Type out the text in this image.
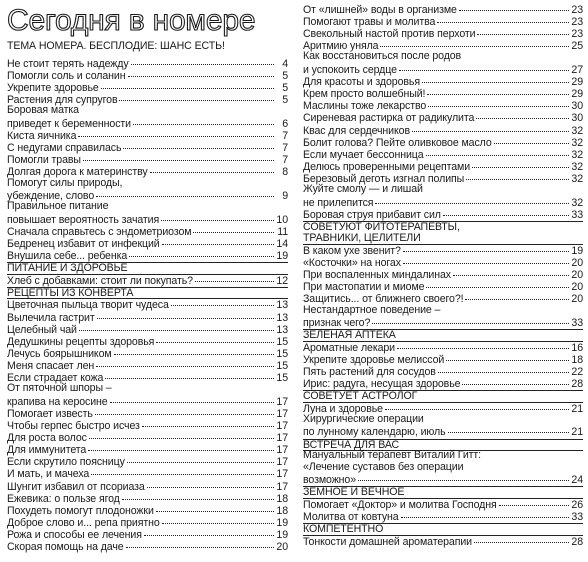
Сегодня в номере
ТЕМА НОМЕРА. БЕСПЛОДИЕ: ШАНС ЕСТЬ!
Не стоит терять надежду	4
Помогли соль и соланин	5
Укрепите здоровье	5
Растения для супругов	5
Боровая матка
приведет к беременности	6
Киста яичника	7
С недугами справилась	7
Помогли травы	7
Долгая дорога к материнству	8
Помогут силы природы,
убеждение, слово	9
Правильное питание
повышает вероятность зачатия	10
Сначала справьтесь с эндометриозом	11
Бедренец избавит от инфекций	14
Внушила себе... ребенка	19
ПИТАНИЕ И ЗДОРОВЬЕ
Хлеб с добавками: стоит ли покупать?	12
РЕЦЕПТЫ ИЗ КОНВЕРТА
Цветочная пыльца творит чудеса	13
Вылечила гастрит	13
Целебный чай	13
Дедушкины рецепты здоровья	15
Лечусь боярышником	15
Меня спасает лен	15
Если страдает кожа	15
От пяточной шпоры –
крапива на керосине	17
Помогает известь	17
Чтобы герпес быстро исчез	17
Для роста волос	17
Для иммунитета	17
Если скрутило поясницу	17
И мать, и мачеха	17
Шунгит избавил от псориаза	17
Ежевика: о пользе ягод	18
Похудеть помогут плодоножки	18
Доброе слово и... репа приятно	19
Рожа и способы ее лечения	19
Скорая помощь на даче	20
От «лишней» воды в организме	23
Помогают травы и молитва	23
Свекольный настой против перхоти	23
Аритмию уняла	25
Как восстановиться после родов
и успокоить сердце	27
Для красоты и здоровья	29
Крем просто волшебный!	29
Маслины тоже лекарство	30
Сиреневая растирка от радикулита	30
Квас для сердечников	32
Болит голова? Пейте оливковое масло	32
Если мучает бессонница	32
Делюсь проверенными рецептами	32
Березовый деготь изгнал полипы	32
Жуйте смолу — и лишай
не прилепится	32
Боровая струя прибавит сил	33
СОВЕТУЮТ ФИТОТЕРАПЕВТЫ,
ТРАВНИКИ, ЦЕЛИТЕЛИ
В каком ухе звенит?	19
«Косточки» на ногах	20
При воспаленных миндалинах	20
При мастопатии и миоме	20
Защитись... от ближнего своего?!	20
Нестандартное поведение –
признак чего?	33
ЗЕЛЕНАЯ АПТЕКА
Ароматные лекари	16
Укрепите здоровье мелиссой	18
Пять растений для сосудов	22
Ирис: радуга, несущая здоровье	28
СОВЕТУЕТ АСТРОЛОГ
Луна и здоровье	21
Хирургические операции
по лунному календарю, июль	21
ВСТРЕЧА ДЛЯ ВАС
Мануальный терапевт Виталий Гитт:
«Лечение суставов без операции
возможно»	24
ЗЕМНОЕ И ВЕЧНОЕ
Помогает «Доктор» и молитва Господня	26
Молитва от ковтуна	33
КОМПЕТЕНТНО
Тонкости домашней ароматерапии	28
